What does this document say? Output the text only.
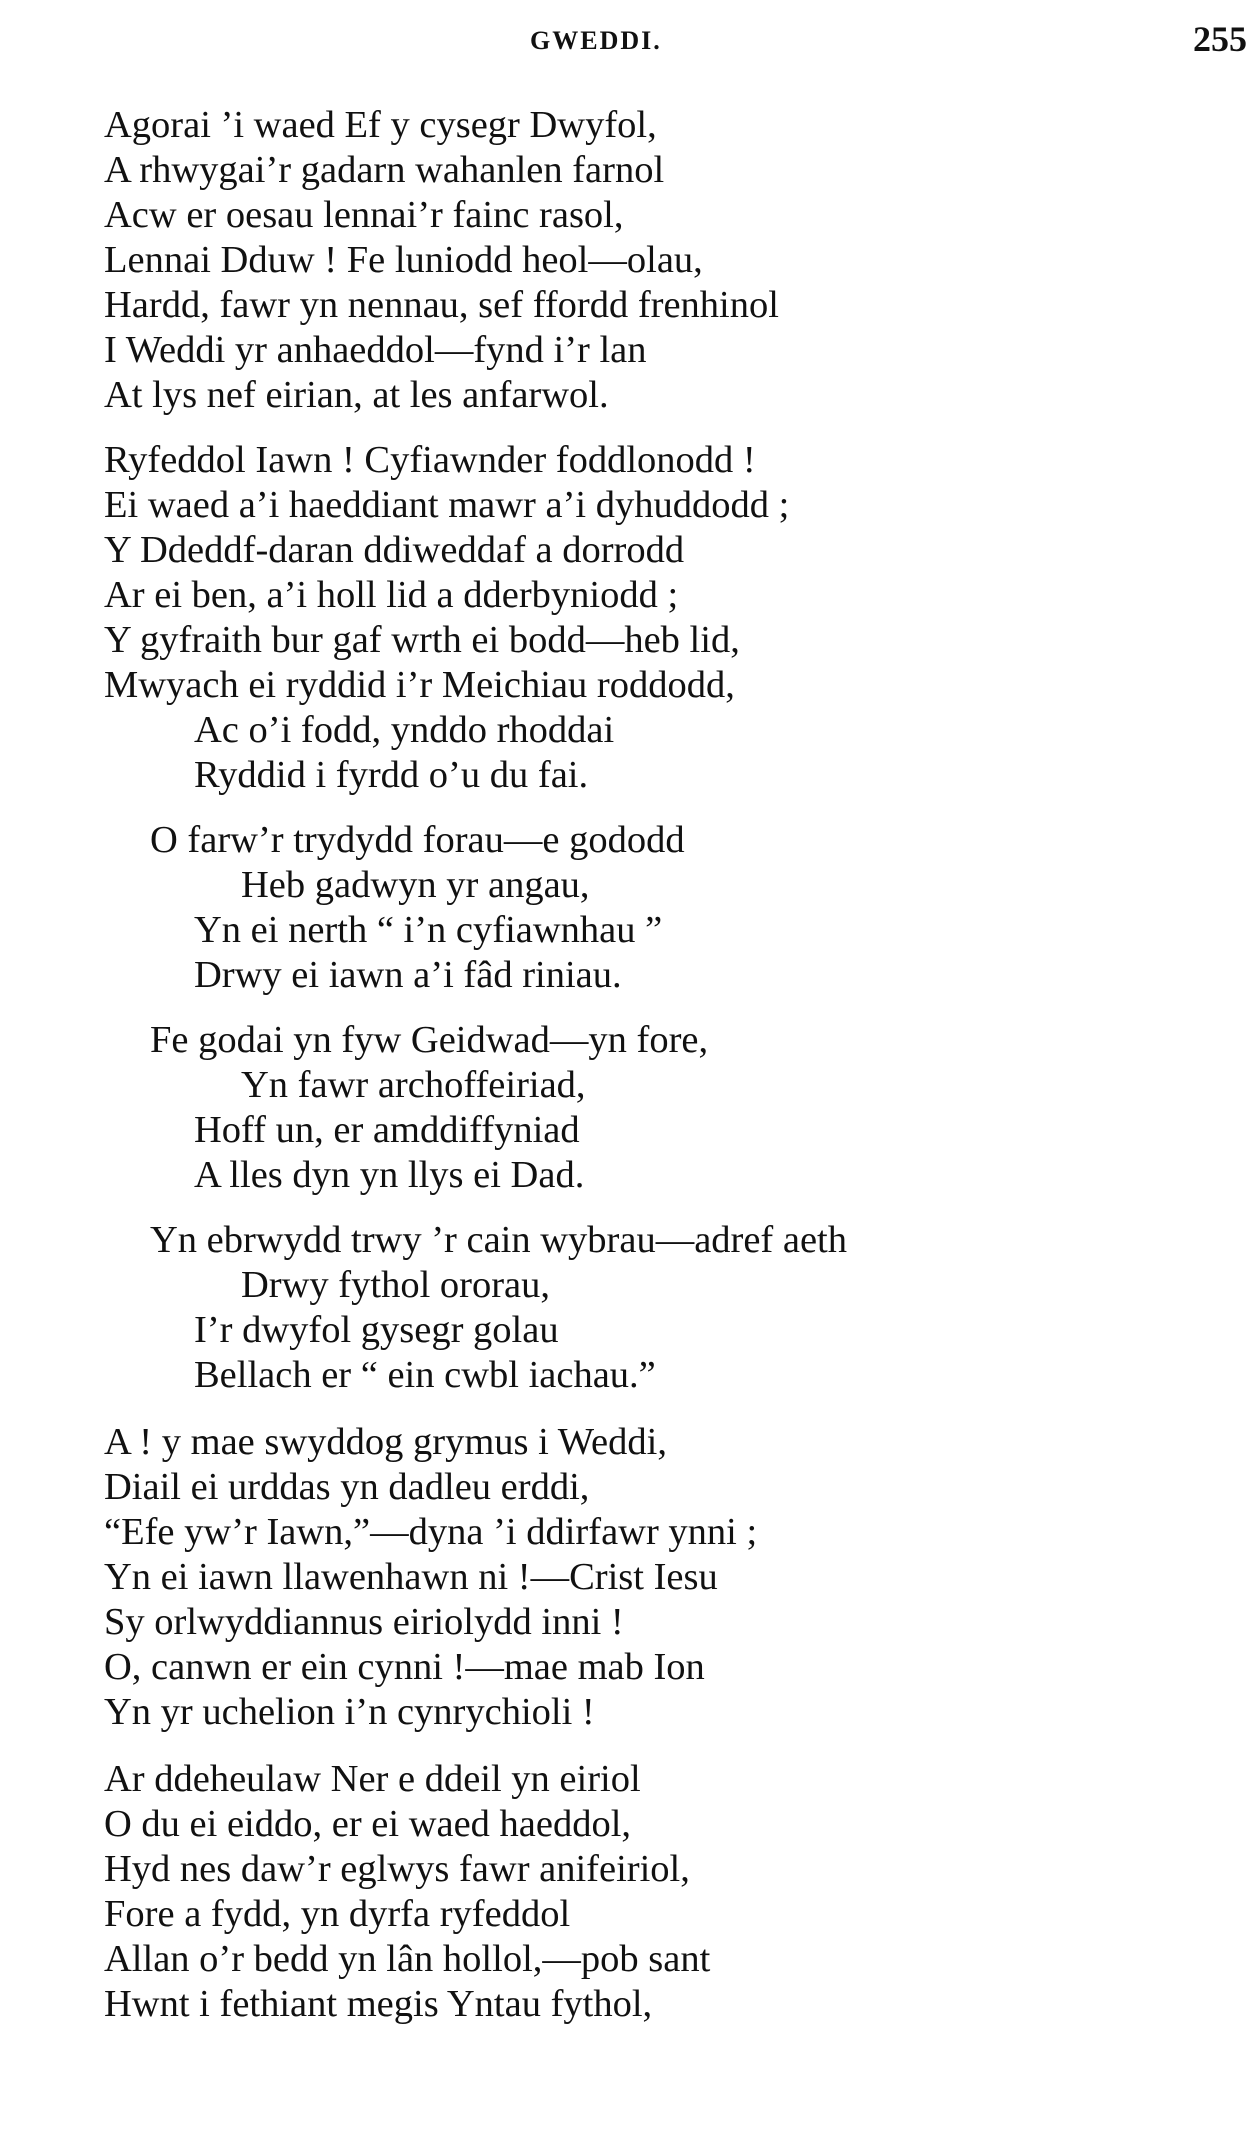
GWEDDI.	255
Agorai ’i waed Ef y cysegr Dwyfol,
A rhwygai’r gadarn wahanlen farnol
Acw er oesau lennai’r fainc rasol,
Lennai Dduw ! Fe luniodd heol—olau,
Hardd, fawr yn nennau, sef ffordd frenhinol
I Weddi yr anhaeddol—fynd i’r lan
At lys nef eirian, at les anfarwol.
Ryfeddol Iawn ! Cyfiawnder foddlonodd !
Ei waed a’i haeddiant mawr a’i dyhuddodd ;
Y Ddeddf-daran ddiweddaf a dorrodd
Ar ei ben, a’i holl lid a dderbyniodd ;
Y gyfraith bur gaf wrth ei bodd—heb lid,
Mwyach ei ryddid i’r Meichiau roddodd,
Ac o’i fodd, ynddo rhoddai
Ryddid i fyrdd o’u du fai.
O farw’r trydydd forau—e gododd
Heb gadwyn yr angau,
Yn ei nerth “ i’n cyfiawnhau ”
Drwy ei iawn a’i fâd riniau.
Fe godai yn fyw Geidwad—yn fore,
Yn fawr archoffeiriad,
Hoff un, er amddiffyniad
A lles dyn yn llys ei Dad.
Yn ebrwydd trwy ’r cain wybrau—adref aeth
Drwy fythol ororau,
I’r dwyfol gysegr golau
Bellach er “ ein cwbl iachau.”
A ! y mae swyddog grymus i Weddi,
Diail ei urddas yn dadleu erddi,
“Efe yw’r Iawn,”—dyna ’i ddirfawr ynni ;
Yn ei iawn llawenhawn ni !—Crist Iesu
Sy orlwyddiannus eiriolydd inni !
O, canwn er ein cynni !—mae mab Ion
Yn yr uchelion i’n cynrychioli !
Ar ddeheulaw Ner e ddeil yn eiriol
O du ei eiddo, er ei waed haeddol,
Hyd nes daw’r eglwys fawr anifeiriol,
Fore a fydd, yn dyrfa ryfeddol
Allan o’r bedd yn lân hollol,—pob sant
Hwnt i fethiant megis Yntau fythol,
